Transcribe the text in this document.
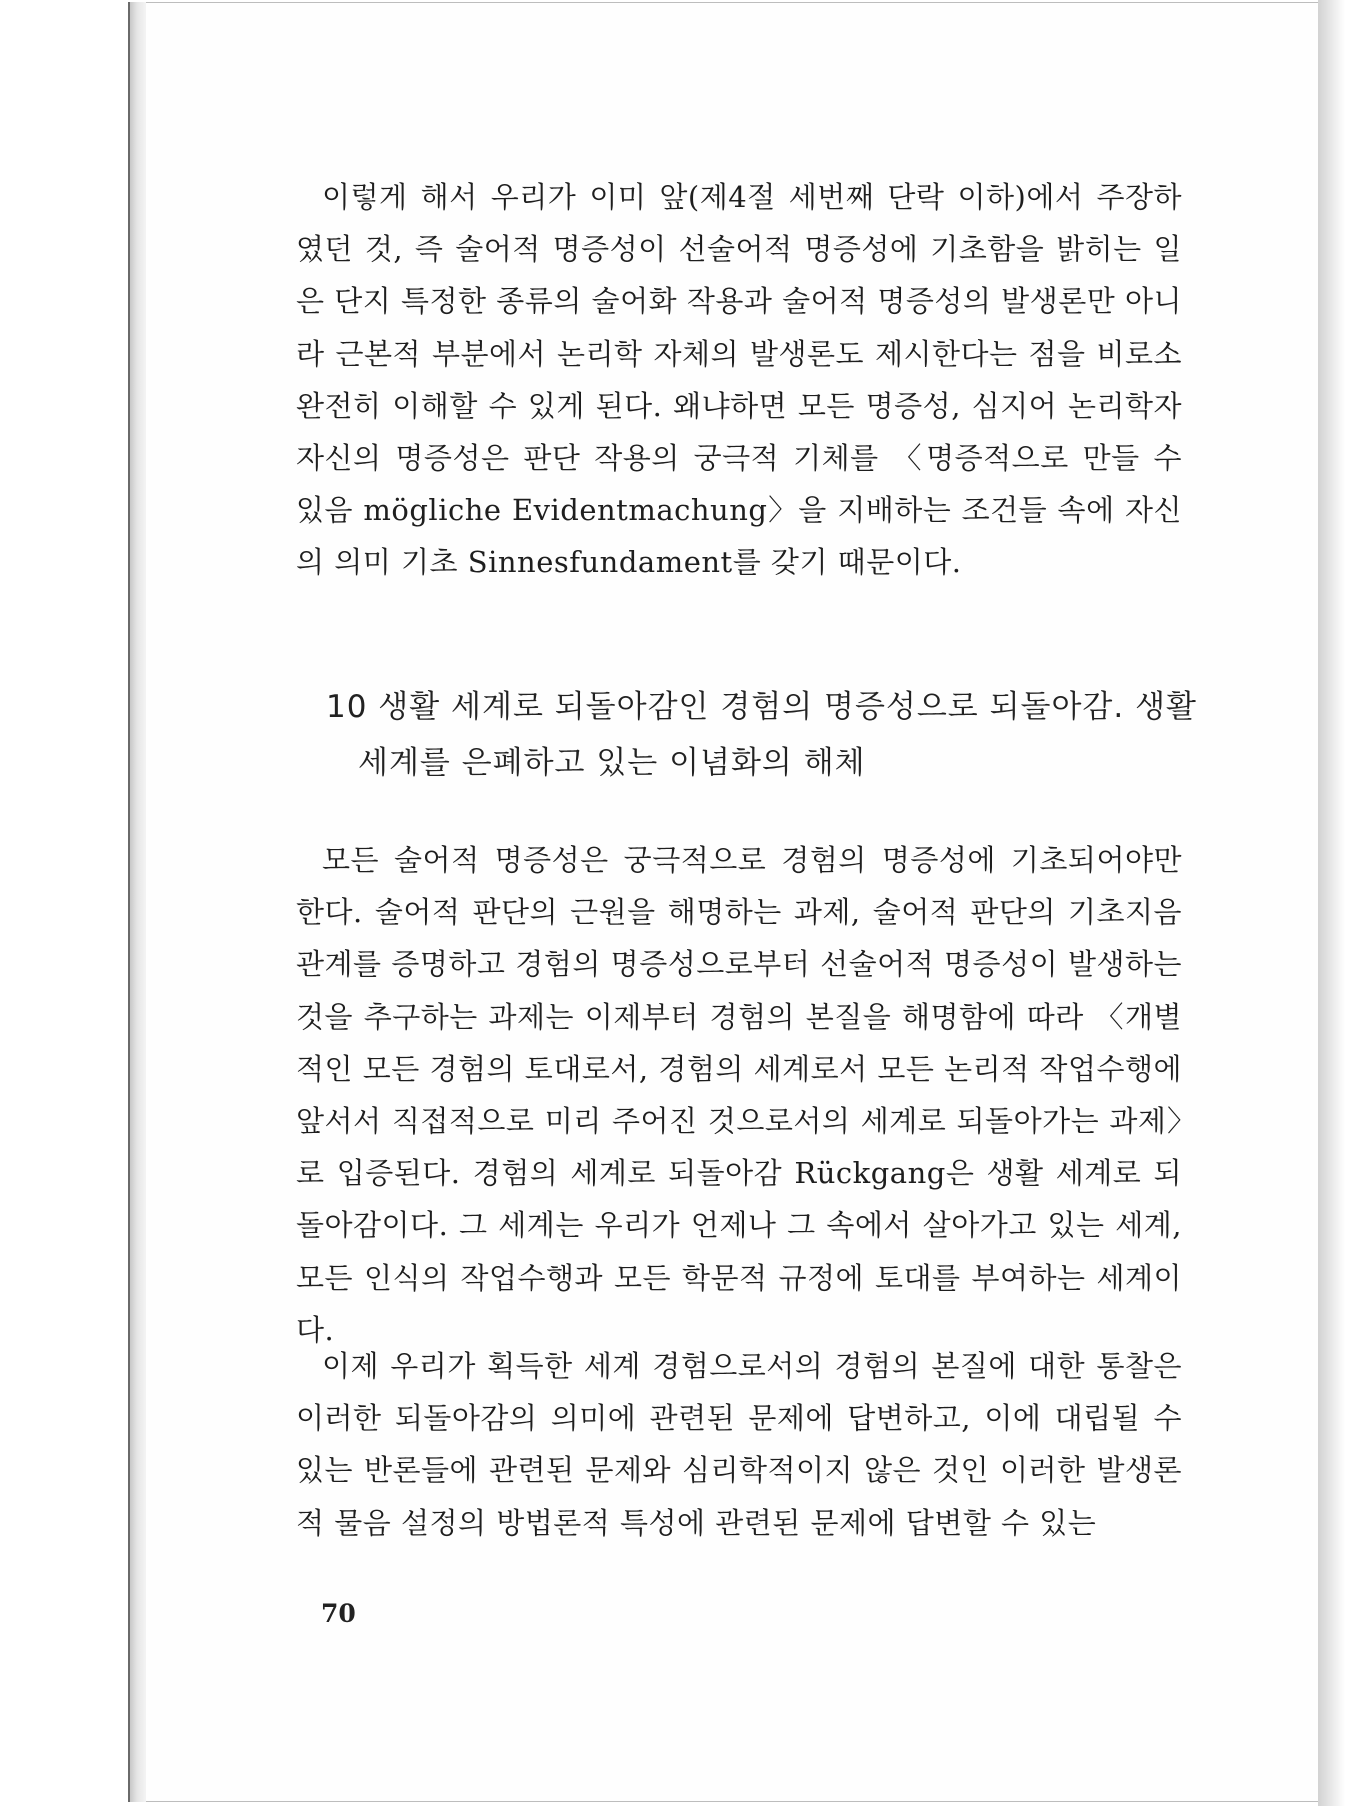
이렇게 해서 우리가 이미 앞(제4절 세번째 단락 이하)에서 주장하였던 것, 즉 술어적 명증성이 선술어적 명증성에 기초함을 밝히는 일은 단지 특정한 종류의 술어화 작용과 술어적 명증성의 발생론만 아니라 근본적 부분에서 논리학 자체의 발생론도 제시한다는 점을 비로소 완전히 이해할 수 있게 된다. 왜냐하면 모든 명증성, 심지어 논리학자 자신의 명증성은 판단 작용의 궁극적 기체를 〈명증적으로 만들 수 있음 mögliche Evidentmachung〉을 지배하는 조건들 속에 자신의 의미 기초 Sinnesfundament를 갖기 때문이다.

10 생활 세계로 되돌아감인 경험의 명증성으로 되돌아감. 생활 세계를 은폐하고 있는 이념화의 해체

모든 술어적 명증성은 궁극적으로 경험의 명증성에 기초되어야만 한다. 술어적 판단의 근원을 해명하는 과제, 술어적 판단의 기초지음 관계를 증명하고 경험의 명증성으로부터 선술어적 명증성이 발생하는 것을 추구하는 과제는 이제부터 경험의 본질을 해명함에 따라 〈개별적인 모든 경험의 토대로서, 경험의 세계로서 모든 논리적 작업수행에 앞서서 직접적으로 미리 주어진 것으로서의 세계로 되돌아가는 과제〉로 입증된다. 경험의 세계로 되돌아감 Rückgang은 생활 세계로 되돌아감이다. 그 세계는 우리가 언제나 그 속에서 살아가고 있는 세계, 모든 인식의 작업수행과 모든 학문적 규정에 토대를 부여하는 세계이다.

이제 우리가 획득한 세계 경험으로서의 경험의 본질에 대한 통찰은 이러한 되돌아감의 의미에 관련된 문제에 답변하고, 이에 대립될 수 있는 반론들에 관련된 문제와 심리학적이지 않은 것인 이러한 발생론적 물음 설정의 방법론적 특성에 관련된 문제에 답변할 수 있는

70
